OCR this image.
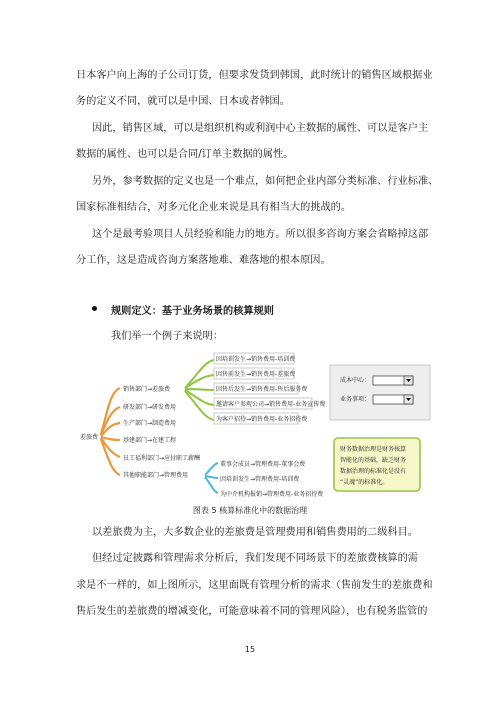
日本客户向上海的子公司订货，但要求发货到韩国，此时统计的销售区域根据业
务的定义不同，就可以是中国、日本或者韩国。
因此，销售区域，可以是组织机构或利润中心主数据的属性、可以是客户主
数据的属性、也可以是合同/订单主数据的属性。
另外，参考数据的定义也是一个难点，如何把企业内部分类标准、行业标准、
国家标准相结合，对多元化企业来说是具有相当大的挑战的。
这个是最考验项目人员经验和能力的地方。所以很多咨询方案会省略掉这部
分工作，这是造成咨询方案落地难、难落地的根本原因。
规则定义：基于业务场景的核算规则
我们举一个例子来说明：
差旅费
销售部门→差旅费
研发部门→研发费用
生产部门→制造费用
基建部门→在建工程
员工福利部门→应付职工薪酬
其他职能部门→管理费用
因培训发生→销售费用-培训费
因售前发生→销售费用-差旅费
因售后发生→销售费用-售后服务费
邀请客户参观公司→销售费用-业务宣传费
为客户招待→销售费用-业务招待费
董事会成员→管理费用-董事会费
因培训发生→管理费用-培训费
为中介机构报销→管理费用-业务招待费
成本中心：
业务事项：
财务数据治理是财务核算
智能化的基础，缺乏财务
数据治理的标准化是没有
“灵魂”的标准化。
图表 5 核算标准化中的数据治理
以差旅费为主，大多数企业的差旅费是管理费用和销售费用的二级科目。
但经过定披露和管理需求分析后，我们发现不同场景下的差旅费核算的需
求是不一样的，如上图所示，这里面既有管理分析的需求（售前发生的差旅费和
售后发生的差旅费的增减变化，可能意味着不同的管理风险），也有税务监管的
15
